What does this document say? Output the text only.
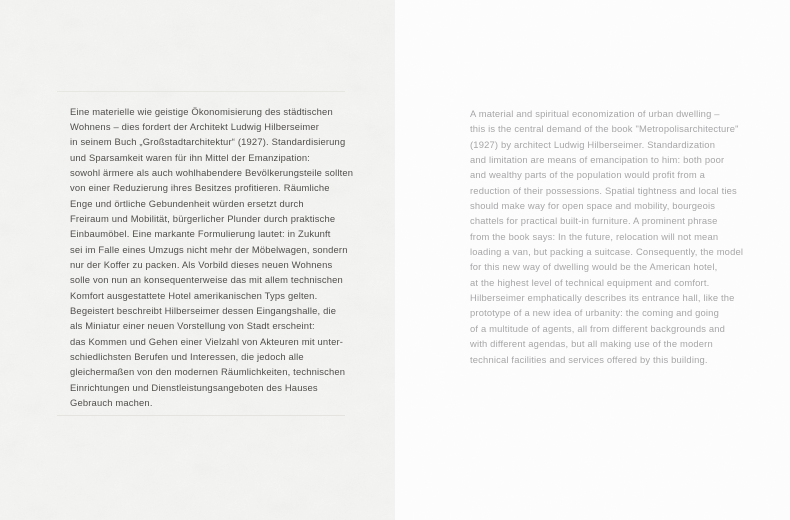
Eine materielle wie geistige Ökonomisierung des städtischen
Wohnens – dies fordert der Architekt Ludwig Hilberseimer
in seinem Buch „Großstadtarchitektur“ (1927). Standardisierung
und Sparsamkeit waren für ihn Mittel der Emanzipation:
sowohl ärmere als auch wohlhabendere Bevölkerungsteile sollten
von einer Reduzierung ihres Besitzes profitieren. Räumliche
Enge und örtliche Gebundenheit würden ersetzt durch
Freiraum und Mobilität, bürgerlicher Plunder durch praktische
Einbaumöbel. Eine markante Formulierung lautet: in Zukunft
sei im Falle eines Umzugs nicht mehr der Möbelwagen, sondern
nur der Koffer zu packen. Als Vorbild dieses neuen Wohnens
solle von nun an konsequenterweise das mit allem technischen
Komfort ausgestattete Hotel amerikanischen Typs gelten.
Begeistert beschreibt Hilberseimer dessen Eingangshalle, die
als Miniatur einer neuen Vorstellung von Stadt erscheint:
das Kommen und Gehen einer Vielzahl von Akteuren mit unter-
schiedlichsten Berufen und Interessen, die jedoch alle
gleichermaßen von den modernen Räumlichkeiten, technischen
Einrichtungen und Dienstleistungsangeboten des Hauses
Gebrauch machen.
A material and spiritual economization of urban dwelling –
this is the central demand of the book "Metropolisarchitecture"
(1927) by architect Ludwig Hilberseimer. Standardization
and limitation are means of emancipation to him: both poor
and wealthy parts of the population would profit from a
reduction of their possessions. Spatial tightness and local ties
should make way for open space and mobility, bourgeois
chattels for practical built-in furniture. A prominent phrase
from the book says: In the future, relocation will not mean
loading a van, but packing a suitcase. Consequently, the model
for this new way of dwelling would be the American hotel,
at the highest level of technical equipment and comfort.
Hilberseimer emphatically describes its entrance hall, like the
prototype of a new idea of urbanity: the coming and going
of a multitude of agents, all from different backgrounds and
with different agendas, but all making use of the modern
technical facilities and services offered by this building.
